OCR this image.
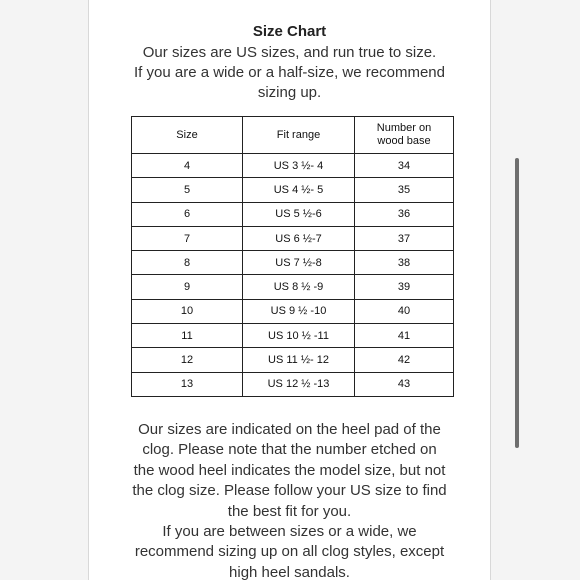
Size Chart
Our sizes are US sizes, and run true to size.
If you are a wide or a half-size, we recommend
sizing up.
Size	Fit range	Number on
wood base
4	US 3 ½- 4	34
5	US 4 ½- 5	35
6	US 5 ½-6	36
7	US 6 ½-7	37
8	US 7 ½-8	38
9	US 8 ½ -9	39
10	US 9 ½ -10	40
11	US 10 ½ -11	41
12	US 11 ½- 12	42
13	US 12 ½ -13	43
Our sizes are indicated on the heel pad of the
clog. Please note that the number etched on
the wood heel indicates the model size, but not
the clog size. Please follow your US size to find
the best fit for you.
If you are between sizes or a wide, we
recommend sizing up on all clog styles, except
high heel sandals.
